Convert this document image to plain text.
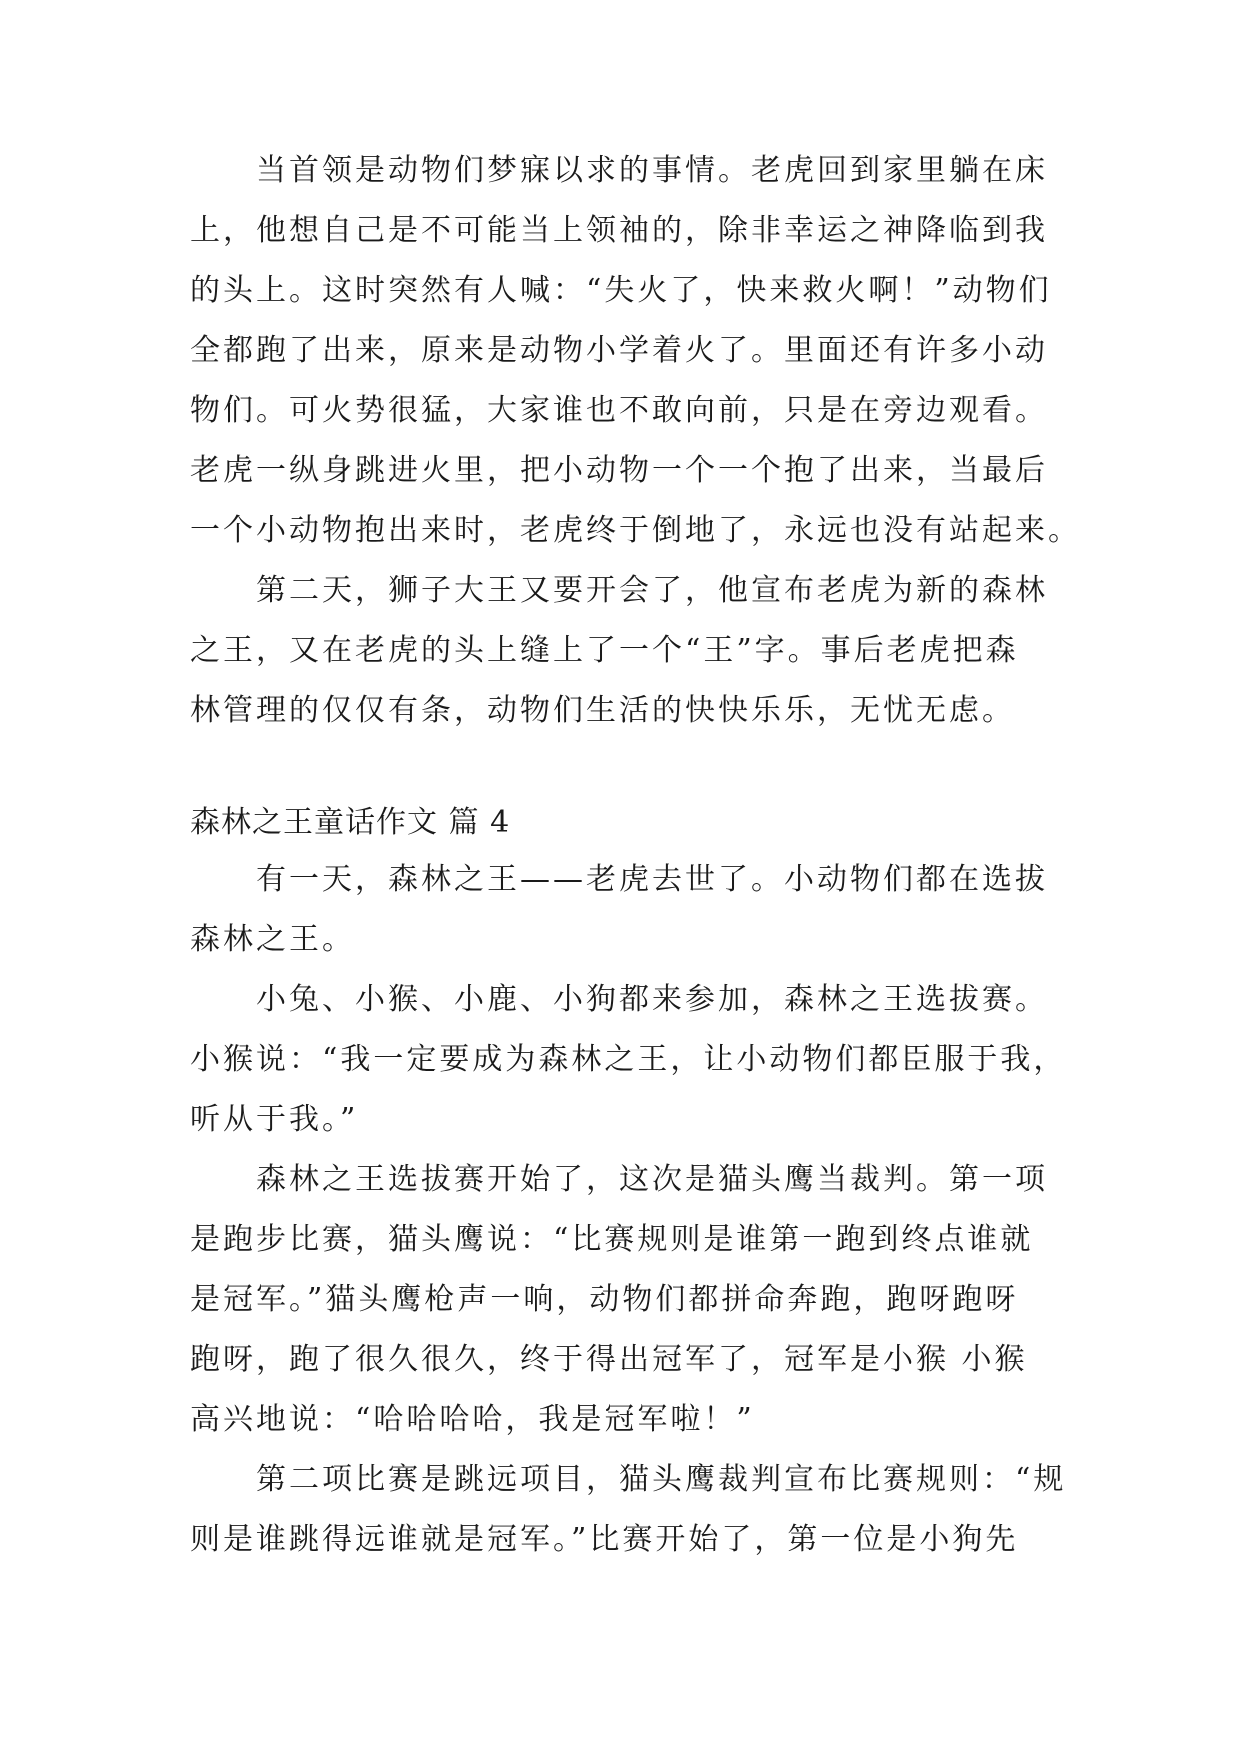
当首领是动物们梦寐以求的事情。老虎回到家里躺在床
上，他想自己是不可能当上领袖的，除非幸运之神降临到我
的头上。这时突然有人喊：“失火了，快来救火啊！”动物们
全都跑了出来，原来是动物小学着火了。里面还有许多小动
物们。可火势很猛，大家谁也不敢向前，只是在旁边观看。
老虎一纵身跳进火里，把小动物一个一个抱了出来，当最后
一个小动物抱出来时，老虎终于倒地了，永远也没有站起来。
第二天，狮子大王又要开会了，他宣布老虎为新的森林
之王，又在老虎的头上缝上了一个“王”字。事后老虎把森
林管理的仅仅有条，动物们生活的快快乐乐，无忧无虑。
森林之王童话作文 篇 4
有一天，森林之王——老虎去世了。小动物们都在选拔
森林之王。
小兔、小猴、小鹿、小狗都来参加，森林之王选拔赛。
小猴说：“我一定要成为森林之王，让小动物们都臣服于我，
听从于我。”
森林之王选拔赛开始了，这次是猫头鹰当裁判。第一项
是跑步比赛，猫头鹰说：“比赛规则是谁第一跑到终点谁就
是冠军。”猫头鹰枪声一响，动物们都拼命奔跑，跑呀跑呀
跑呀，跑了很久很久，终于得出冠军了，冠军是小猴 小猴
高兴地说：“哈哈哈哈，我是冠军啦！”
第二项比赛是跳远项目，猫头鹰裁判宣布比赛规则：“规
则是谁跳得远谁就是冠军。”比赛开始了，第一位是小狗先
